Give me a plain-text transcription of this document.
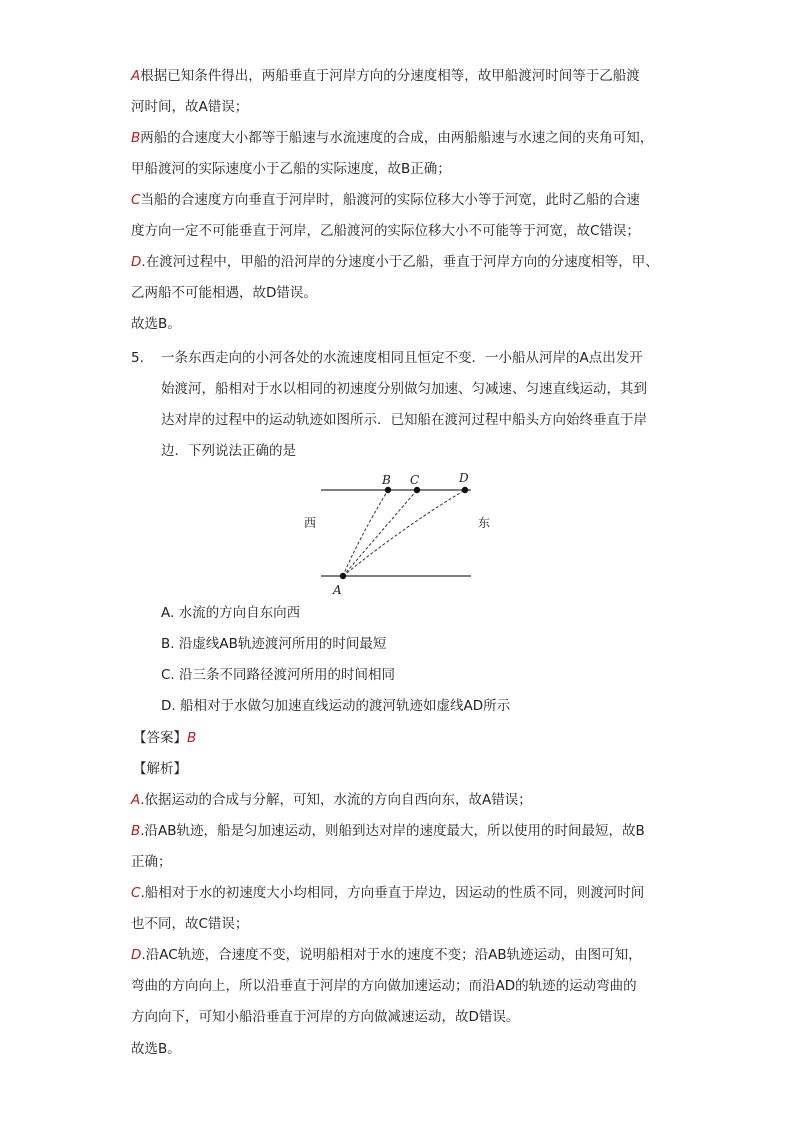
A根据已知条件得出，两船垂直于河岸方向的分速度相等，故甲船渡河时间等于乙船渡
河时间，故A错误；
B两船的合速度大小都等于船速与水流速度的合成，由两船船速与水速之间的夹角可知，
甲船渡河的实际速度小于乙船的实际速度，故B正确；
C当船的合速度方向垂直于河岸时，船渡河的实际位移大小等于河宽，此时乙船的合速
度方向一定不可能垂直于河岸，乙船渡河的实际位移大小不可能等于河宽，故C错误；
D.在渡河过程中，甲船的沿河岸的分速度小于乙船，垂直于河岸方向的分速度相等，甲、
乙两船不可能相遇，故D错误。
故选B。
5. 一条东西走向的小河各处的水流速度相同且恒定不变．一小船从河岸的A点出发开
始渡河，船相对于水以相同的初速度分别做匀加速、匀减速、匀速直线运动，其到
达对岸的过程中的运动轨迹如图所示．已知船在渡河过程中船头方向始终垂直于岸
边．下列说法正确的是
西	东
A
B C	D
A. 水流的方向自东向西
B. 沿虚线AB轨迹渡河所用的时间最短
C. 沿三条不同路径渡河所用的时间相同
D. 船相对于水做匀加速直线运动的渡河轨迹如虚线AD所示
【答案】B
【解析】
A.依据运动的合成与分解，可知，水流的方向自西向东，故A错误；
B.沿AB轨迹，船是匀加速运动，则船到达对岸的速度最大，所以使用的时间最短，故B
正确；
C.船相对于水的初速度大小均相同，方向垂直于岸边，因运动的性质不同，则渡河时间
也不同，故C错误；
D.沿AC轨迹，合速度不变，说明船相对于水的速度不变；沿AB轨迹运动，由图可知，
弯曲的方向向上，所以沿垂直于河岸的方向做加速运动；而沿AD的轨迹的运动弯曲的
方向向下，可知小船沿垂直于河岸的方向做减速运动，故D错误。
故选B。
